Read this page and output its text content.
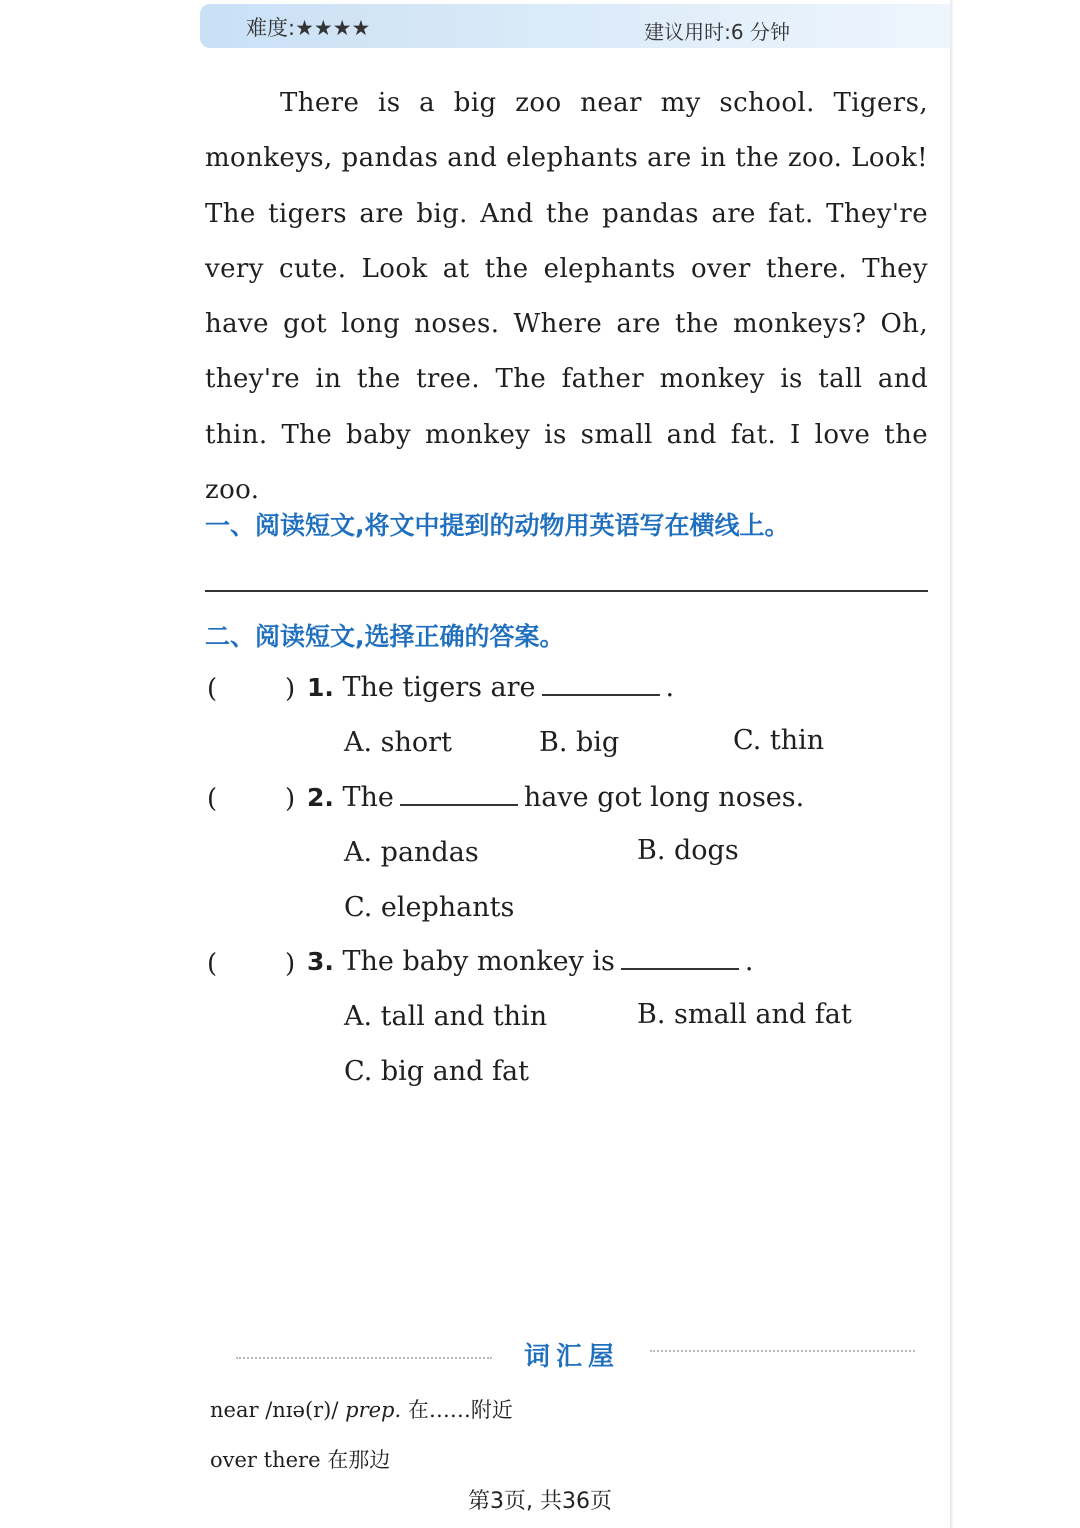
难度:★★★★	建议用时:6 分钟
There is a big zoo near my school. Tigers, monkeys, pandas and elephants are in the zoo. Look! The tigers are big. And the pandas are fat. They're very cute. Look at the elephants over there. They have got long noses. Where are the monkeys? Oh, they're in the tree. The father monkey is tall and thin. The baby monkey is small and fat. I love the zoo.
一、阅读短文,将文中提到的动物用英语写在横线上。
二、阅读短文,选择正确的答案。
(	) 1. The tigers are	.
A. short	B. big	C. thin
(	) 2. The	have got long noses.
A. pandas	B. dogs
C. elephants
(	) 3. The baby monkey is	.
A. tall and thin	B. small and fat
C. big and fat
词汇屋
near /nɪə(r)/ prep. 在……附近
over there 在那边
第3页, 共36页
